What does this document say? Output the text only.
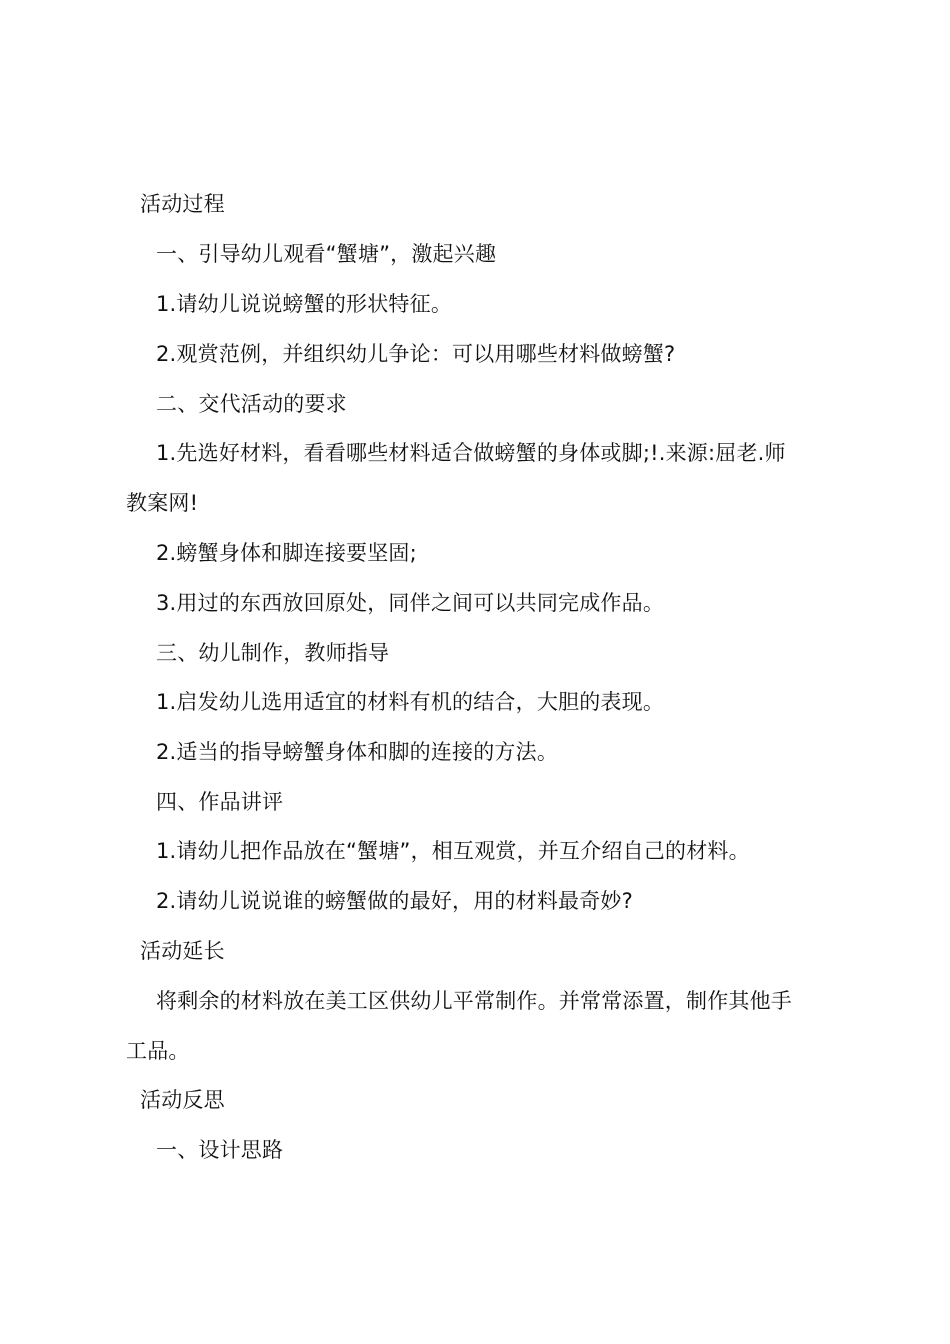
活动过程
一、引导幼儿观看“蟹塘”，激起兴趣
1.请幼儿说说螃蟹的形状特征。
2.观赏范例，并组织幼儿争论：可以用哪些材料做螃蟹?
二、交代活动的要求
1.先选好材料，看看哪些材料适合做螃蟹的身体或脚;!.来源:屈老.师
教案网!
2.螃蟹身体和脚连接要坚固;
3.用过的东西放回原处，同伴之间可以共同完成作品。
三、幼儿制作，教师指导
1.启发幼儿选用适宜的材料有机的结合，大胆的表现。
2.适当的指导螃蟹身体和脚的连接的方法。
四、作品讲评
1.请幼儿把作品放在“蟹塘”，相互观赏，并互介绍自己的材料。
2.请幼儿说说谁的螃蟹做的最好，用的材料最奇妙?
活动延长
将剩余的材料放在美工区供幼儿平常制作。并常常添置，制作其他手
工品。
活动反思
一、设计思路
